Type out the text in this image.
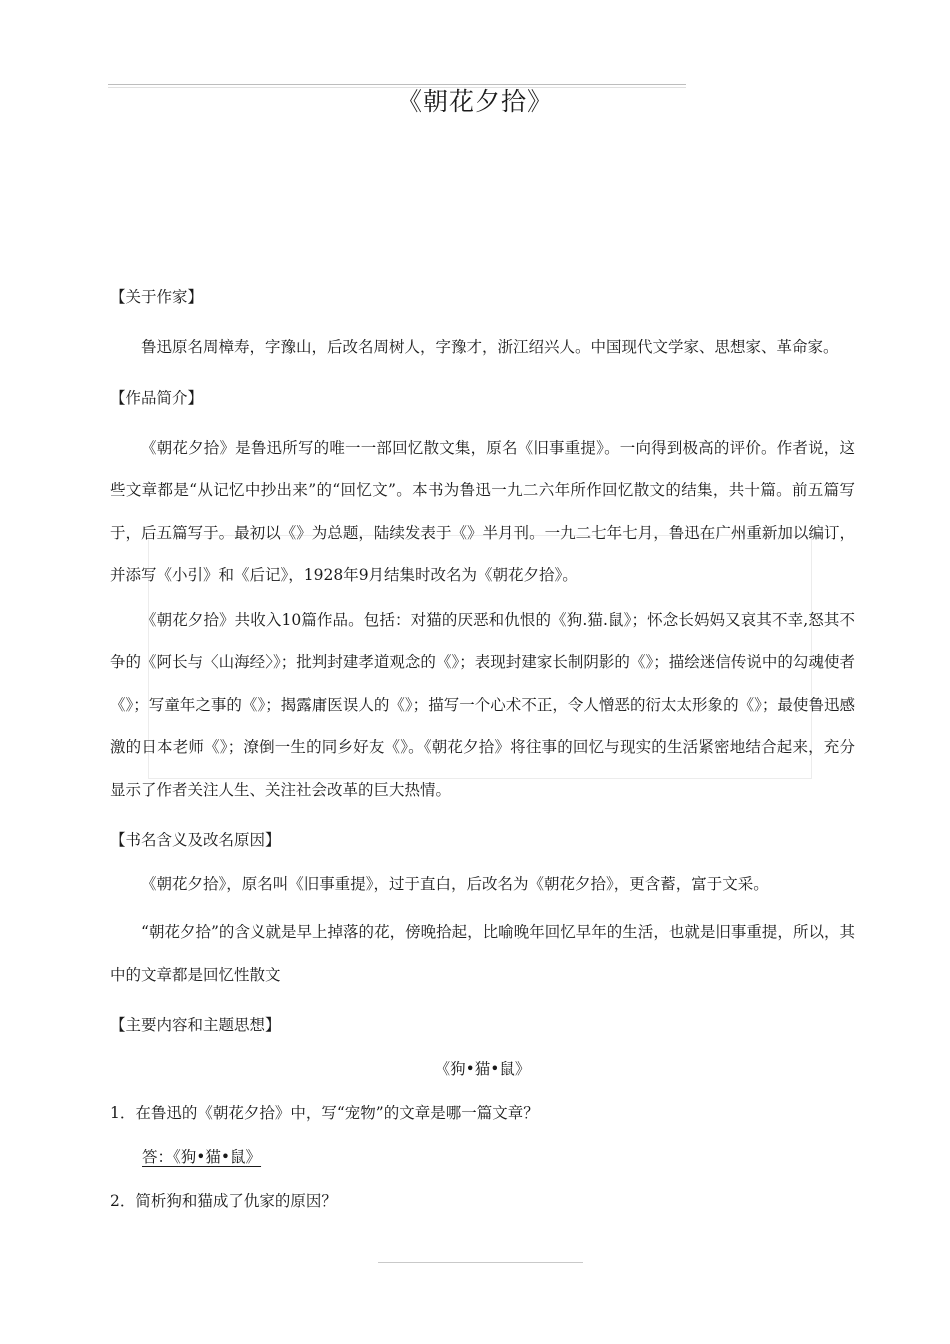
《朝花夕拾》

【关于作家】

鲁迅原名周樟寿，字豫山，后改名周树人，字豫才，浙江绍兴人。中国现代文学家、思想家、革命家。

【作品简介】

《朝花夕拾》是鲁迅所写的唯一一部回忆散文集，原名《旧事重提》。一向得到极高的评价。作者说，这些文章都是“从记忆中抄出来”的“回忆文”。本书为鲁迅一九二六年所作回忆散文的结集，共十篇。前五篇写于，后五篇写于。最初以《》为总题，陆续发表于《》半月刊。一九二七年七月，鲁迅在广州重新加以编订，并添写《小引》和《后记》，1928年9月结集时改名为《朝花夕拾》。

《朝花夕拾》共收入10篇作品。包括：对猫的厌恶和仇恨的《狗.猫.鼠》；怀念长妈妈又哀其不幸,怒其不争的《阿长与〈山海经〉》；批判封建孝道观念的《》；表现封建家长制阴影的《》；描绘迷信传说中的勾魂使者《》；写童年之事的《》；揭露庸医误人的《》；描写一个心术不正，令人憎恶的衍太太形象的《》；最使鲁迅感激的日本老师《》；潦倒一生的同乡好友《》。《朝花夕拾》将往事的回忆与现实的生活紧密地结合起来，充分显示了作者关注人生、关注社会改革的巨大热情。

【书名含义及改名原因】

《朝花夕拾》，原名叫《旧事重提》，过于直白，后改名为《朝花夕拾》，更含蓄，富于文采。

“朝花夕拾”的含义就是早上掉落的花，傍晚拾起，比喻晚年回忆早年的生活，也就是旧事重提，所以，其中的文章都是回忆性散文

【主要内容和主题思想】

《狗•猫•鼠》

1．在鲁迅的《朝花夕拾》中，写“宠物”的文章是哪一篇文章？

答：《狗•猫•鼠》

2．简析狗和猫成了仇家的原因？
